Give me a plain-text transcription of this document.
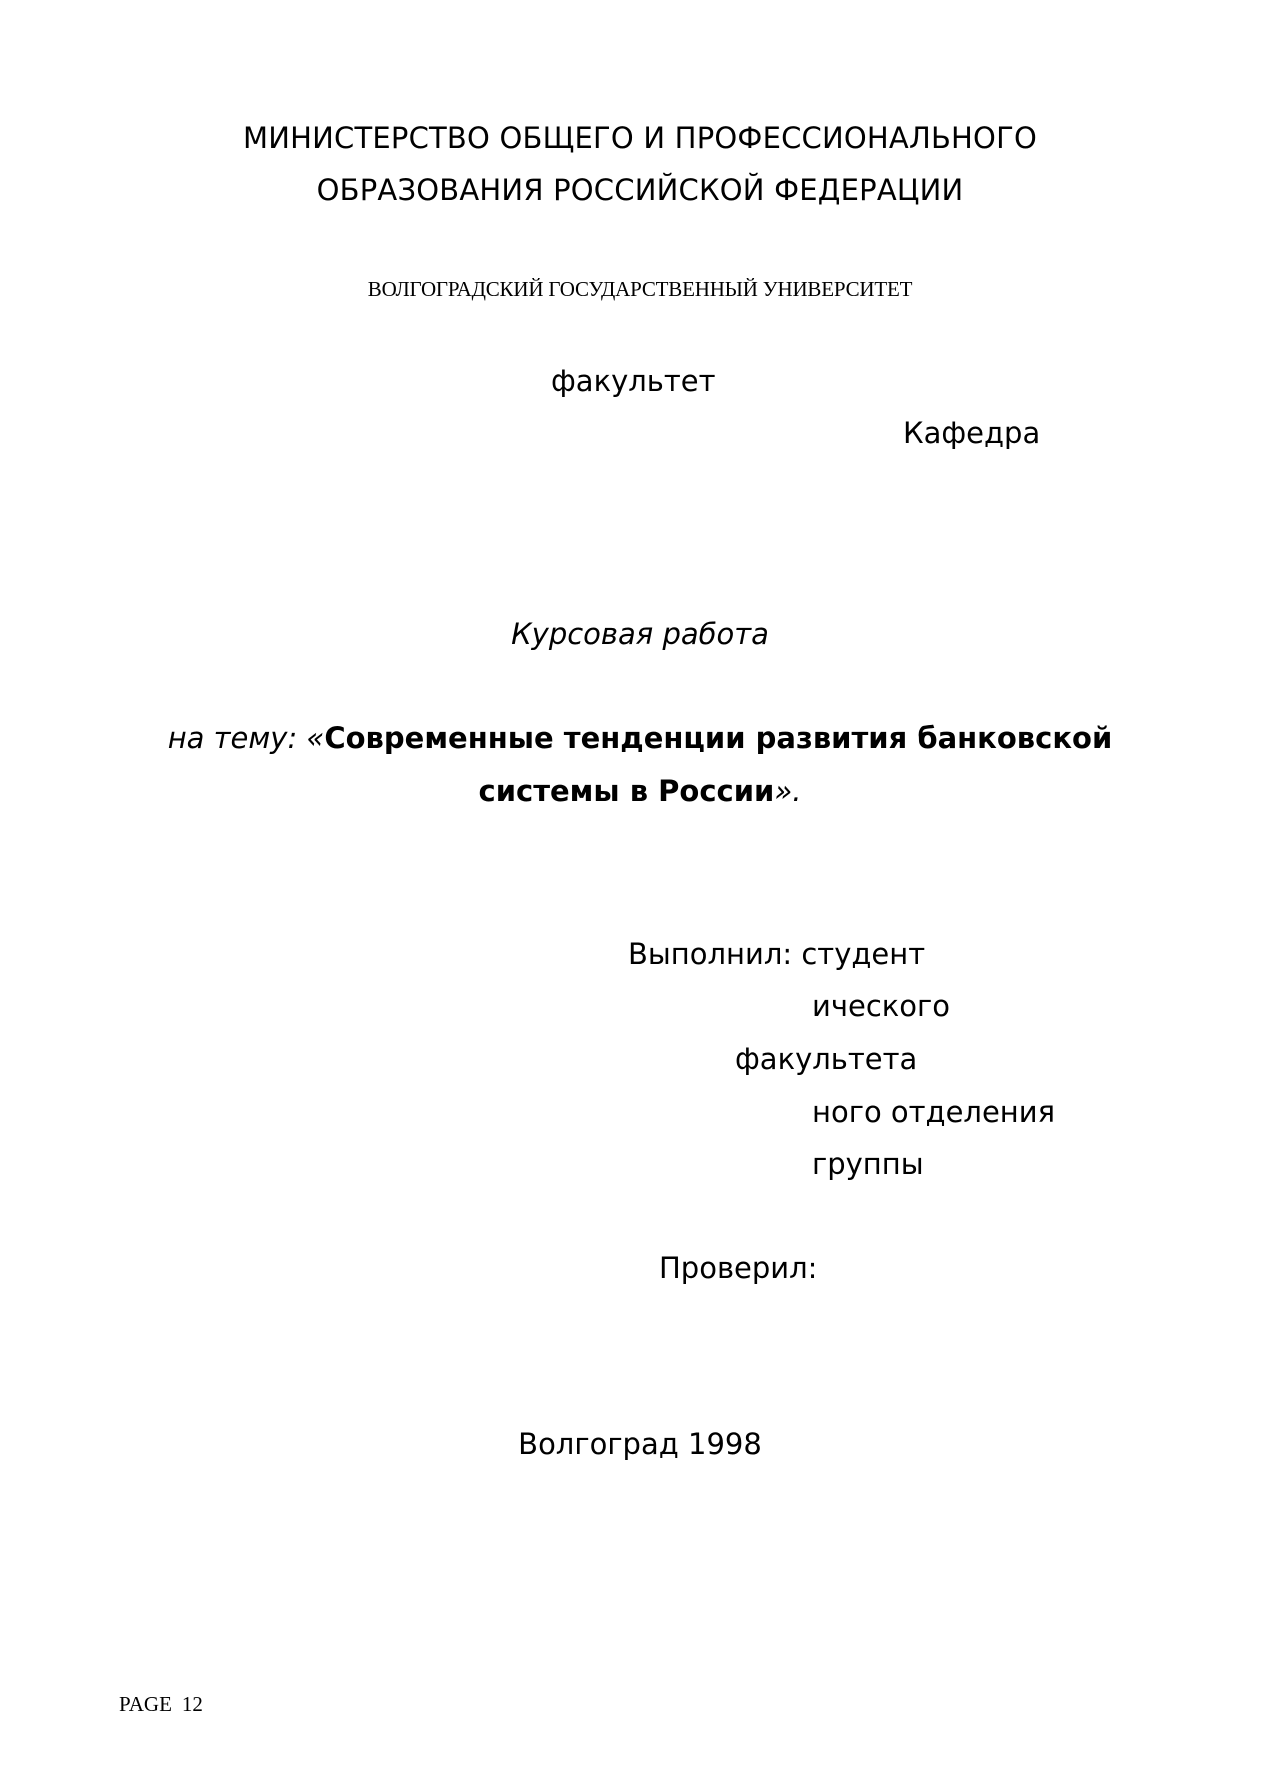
МИНИСТЕРСТВО ОБЩЕГО И ПРОФЕССИОНАЛЬНОГО
ОБРАЗОВАНИЯ РОССИЙСКОЙ ФЕДЕРАЦИИ
ВОЛГОГРАДСКИЙ ГОСУДАРСТВЕННЫЙ УНИВЕРСИТЕТ
факультет
Кафедра
Курсовая работа
на тему: «Современные тенденции развития банковской
системы в России».
Выполнил: студент
ического
факультета
ного отделения
группы
Проверил:
Волгоград 1998
PAGE 12
